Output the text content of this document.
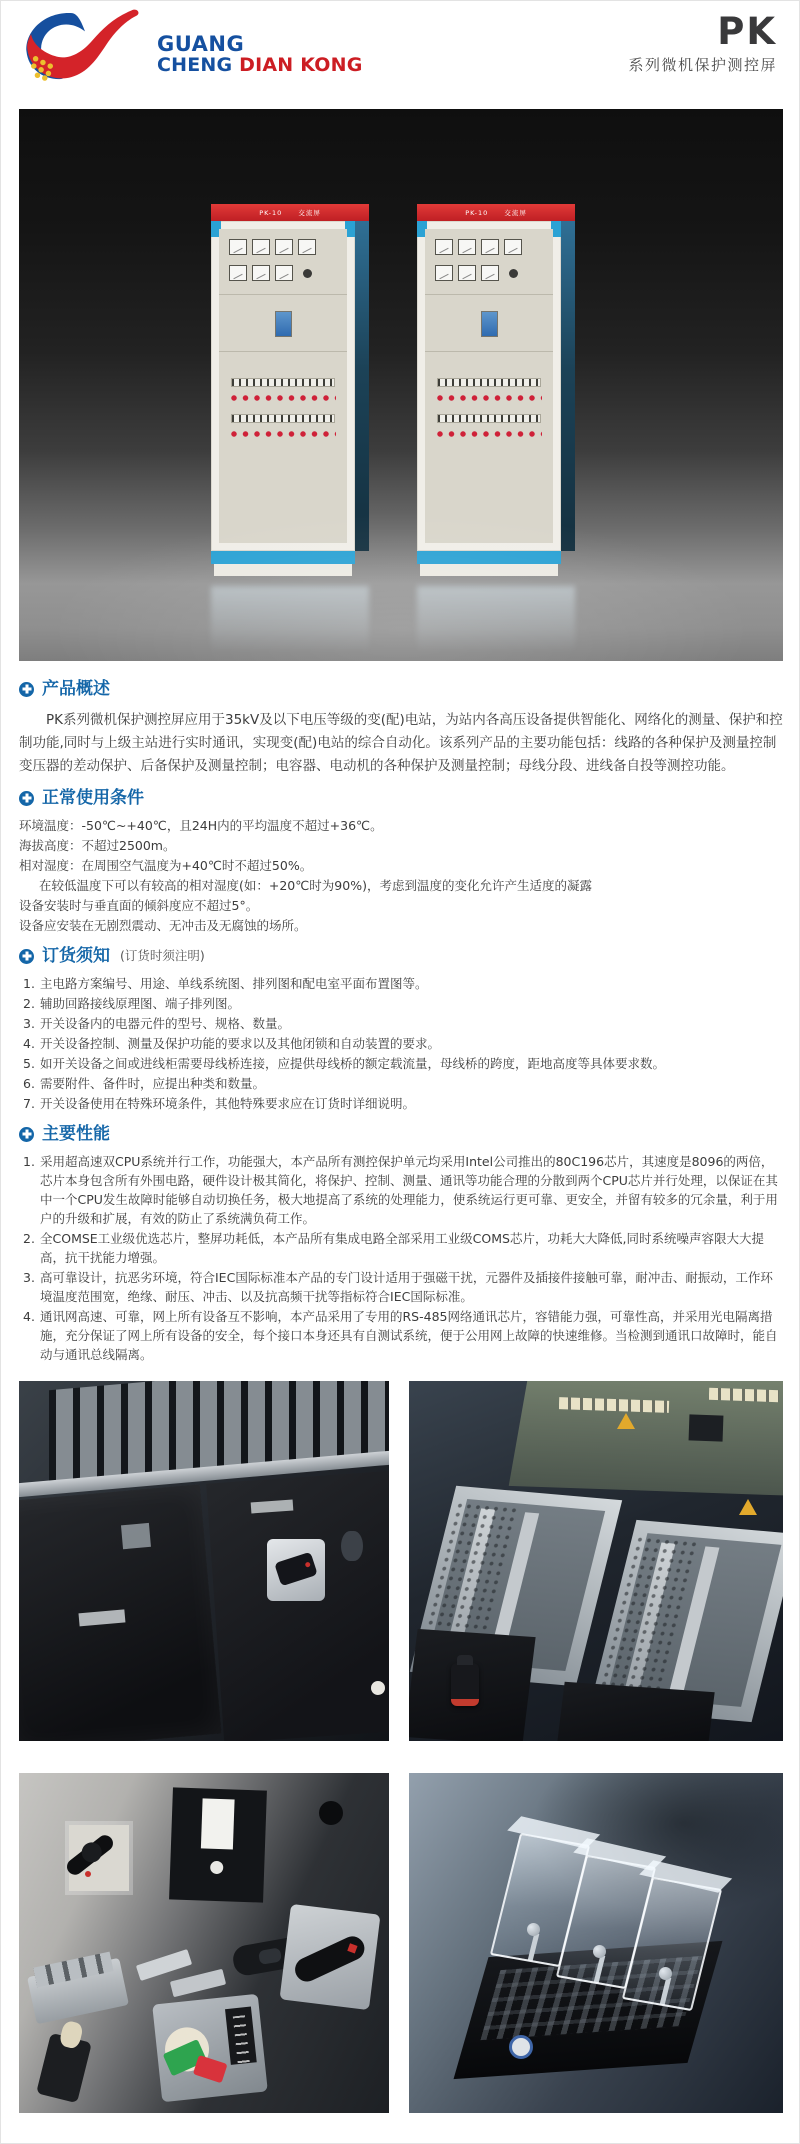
GUANG
CHENG DIAN KONG
PK
系列微机保护测控屏
PK-10 交流屏	PK-10 交流屏
产品概述

PK系列微机保护测控屏应用于35kV及以下电压等级的变(配)电站，为站内各高压设备提供智能化、网络化的测量、保护和控制功能,同时与上级主站进行实时通讯，实现变(配)电站的综合自动化。该系列产品的主要功能包括：线路的各种保护及测量控制变压器的差动保护、后备保护及测量控制；电容器、电动机的各种保护及测量控制；母线分段、进线备自投等测控功能。

正常使用条件

环境温度：-50℃~+40℃，且24H内的平均温度不超过+36℃。

海拔高度：不超过2500m。

相对湿度：在周围空气温度为+40℃时不超过50%。

在较低温度下可以有较高的相对湿度(如：+20℃时为90%)，考虑到温度的变化允许产生适度的凝露

设备安装时与垂直面的倾斜度应不超过5°。

设备应安装在无剧烈震动、无冲击及无腐蚀的场所。

订货须知 (订货时须注明)
主电路方案编号、用途、单线系统图、排列图和配电室平面布置图等。
辅助回路接线原理图、端子排列图。
开关设备内的电器元件的型号、规格、数量。
开关设备控制、测量及保护功能的要求以及其他闭锁和自动装置的要求。
如开关设备之间或进线柜需要母线桥连接，应提供母线桥的额定载流量，母线桥的跨度，距地高度等具体要求数。
需要附件、备件时，应提出种类和数量。
开关设备使用在特殊环境条件，其他特殊要求应在订货时详细说明。
主要性能
采用超高速双CPU系统并行工作，功能强大，本产品所有测控保护单元均采用Intel公司推出的80C196芯片，其速度是8096的两倍，芯片本身包含所有外围电路，硬件设计极其简化，将保护、控制、测量、通讯等功能合理的分散到两个CPU芯片并行处理，以保证在其中一个CPU发生故障时能够自动切换任务，极大地提高了系统的处理能力，使系统运行更可靠、更安全，并留有较多的冗余量，利于用户的升级和扩展，有效的防止了系统满负荷工作。
全COMSE工业级优选芯片，整屏功耗低，本产品所有集成电路全部采用工业级COMS芯片，功耗大大降低,同时系统噪声容限大大提高，抗干扰能力增强。
高可靠设计，抗恶劣环境，符合IEC国际标准本产品的专门设计适用于强磁干扰，元器件及插接件接触可靠，耐冲击、耐振动，工作环境温度范围宽，绝缘、耐压、冲击、以及抗高频干扰等指标符合IEC国际标准。
通讯网高速、可靠，网上所有设备互不影响，本产品采用了专用的RS-485网络通讯芯片，容错能力强，可靠性高，并采用光电隔离措施，充分保证了网上所有设备的安全，每个接口本身还具有自测试系统，便于公用网上故障的快速维修。当检测到通讯口故障时，能自动与通讯总线隔离。
